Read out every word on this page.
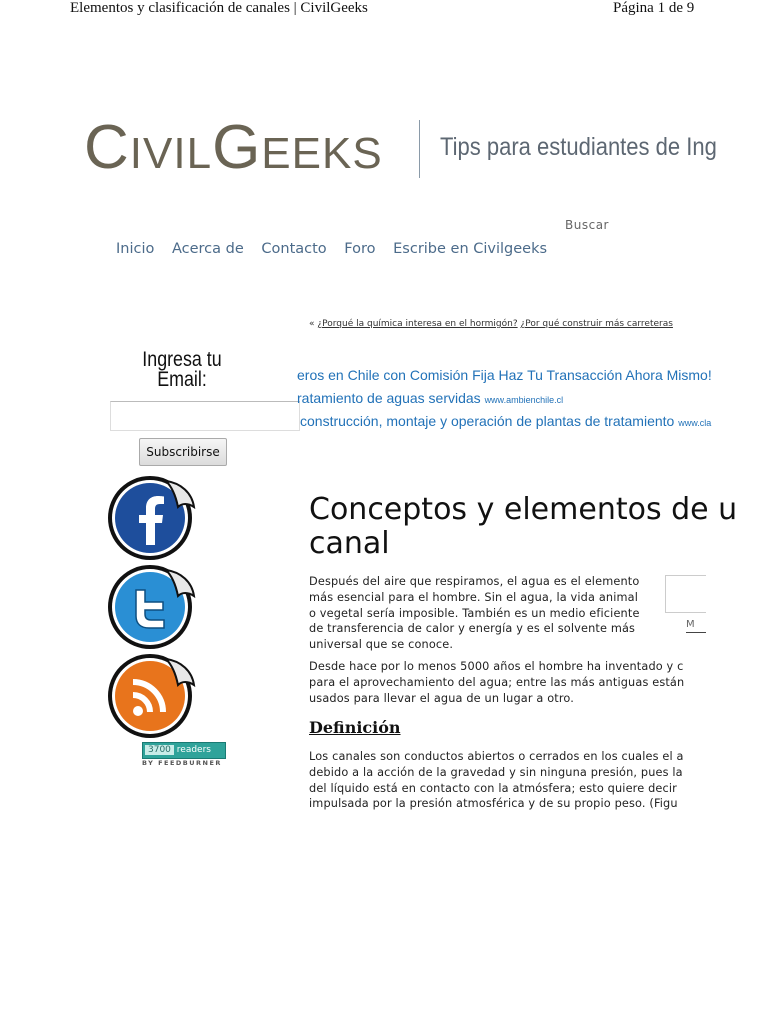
Elementos y clasificación de canales | CivilGeeks	Página 1 de 9
CIVILGEEKS Tips para estudiantes de Ing
Buscar
Inicio Acerca de Contacto Foro Escribe en Civilgeeks
« ¿Porqué la química interesa en el hormigón? ¿Por qué construir más carreteras
Ingresa tu
Email:
Subscribirse
eros en Chile con Comisión Fija Haz Tu Transacción Ahora Mismo!
ratamiento de aguas servidas www.ambienchile.cl
construcción, montaje y operación de plantas de tratamiento www.cla
3700 readers
BY FEEDBURNER
Conceptos y elementos de u
canal
Después del aire que respiramos, el agua es el elemento
más esencial para el hombre. Sin el agua, la vida animal
o vegetal sería imposible. También es un medio eficiente
de transferencia de calor y energía y es el solvente más
universal que se conoce.
M
Desde hace por lo menos 5000 años el hombre ha inventado y c
para el aprovechamiento del agua; entre las más antiguas están
usados para llevar el agua de un lugar a otro.
Definición
Los canales son conductos abiertos o cerrados en los cuales el a
debido a la acción de la gravedad y sin ninguna presión, pues la
del líquido está en contacto con la atmósfera; esto quiere decir
impulsada por la presión atmosférica y de su propio peso. (Figu
